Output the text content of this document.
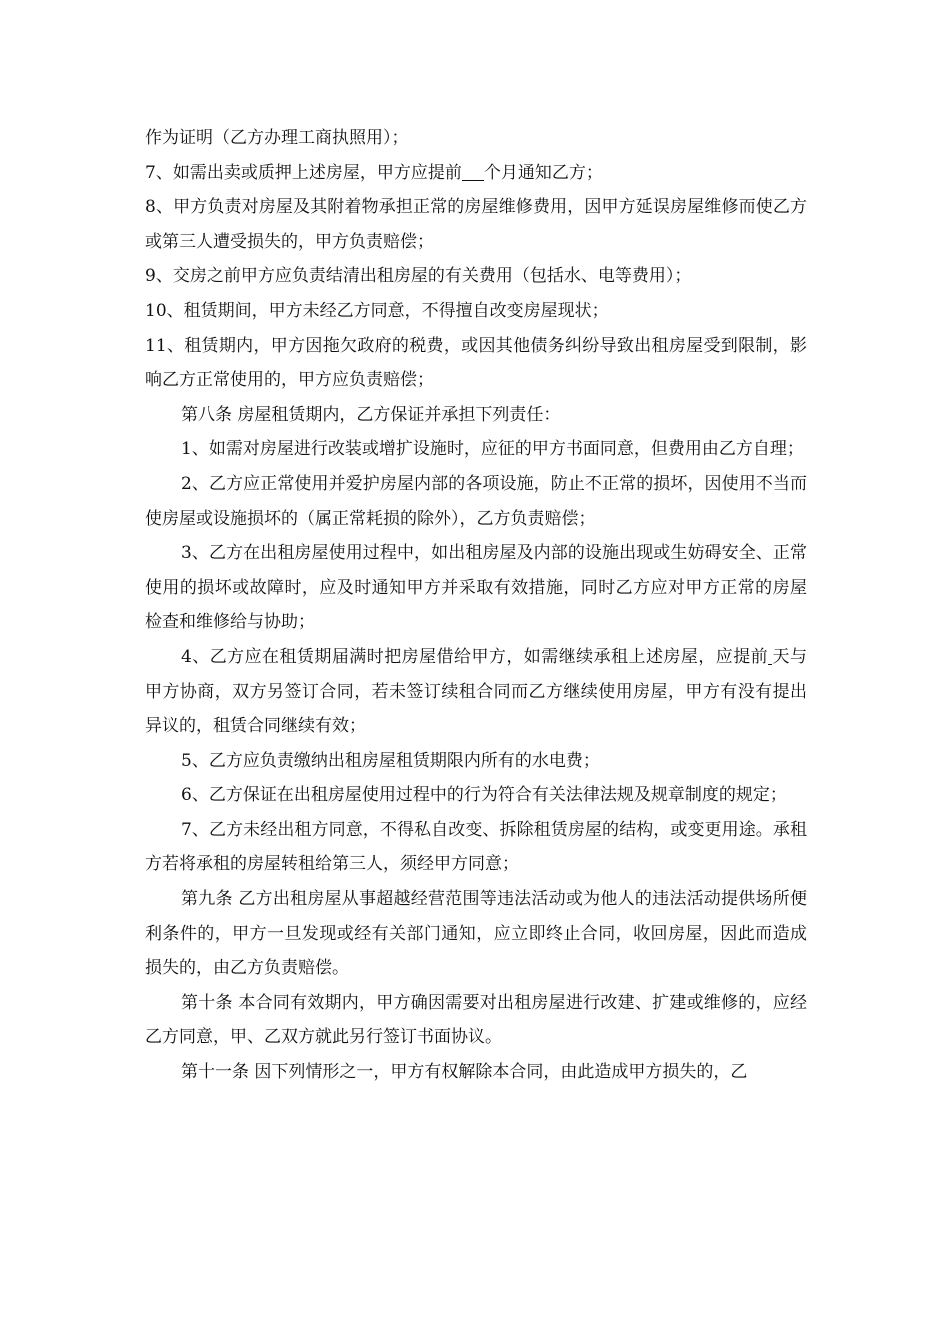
作为证明（乙方办理工商执照用）；

7、如需出卖或质押上述房屋，甲方应提前 个月通知乙方；

8、甲方负责对房屋及其附着物承担正常的房屋维修费用，因甲方延误房屋维修而使乙方或第三人遭受损失的，甲方负责赔偿；

9、交房之前甲方应负责结清出租房屋的有关费用（包括水、电等费用）；

10、租赁期间，甲方未经乙方同意，不得擅自改变房屋现状；

11、租赁期内，甲方因拖欠政府的税费，或因其他债务纠纷导致出租房屋受到限制，影响乙方正常使用的，甲方应负责赔偿；

第八条 房屋租赁期内，乙方保证并承担下列责任：

1、如需对房屋进行改装或增扩设施时，应征的甲方书面同意，但费用由乙方自理；

2、乙方应正常使用并爱护房屋内部的各项设施，防止不正常的损坏，因使用不当而使房屋或设施损坏的（属正常耗损的除外），乙方负责赔偿；

3、乙方在出租房屋使用过程中，如出租房屋及内部的设施出现或生妨碍安全、正常使用的损坏或故障时，应及时通知甲方并采取有效措施，同时乙方应对甲方正常的房屋检查和维修给与协助；

4、乙方应在租赁期届满时把房屋借给甲方，如需继续承租上述房屋，应提前 天与甲方协商，双方另签订合同，若未签订续租合同而乙方继续使用房屋，甲方有没有提出异议的，租赁合同继续有效；

5、乙方应负责缴纳出租房屋租赁期限内所有的水电费；

6、乙方保证在出租房屋使用过程中的行为符合有关法律法规及规章制度的规定；

7、乙方未经出租方同意，不得私自改变、拆除租赁房屋的结构，或变更用途。承租方若将承租的房屋转租给第三人，须经甲方同意；

第九条 乙方出租房屋从事超越经营范围等违法活动或为他人的违法活动提供场所便利条件的，甲方一旦发现或经有关部门通知，应立即终止合同，收回房屋，因此而造成损失的，由乙方负责赔偿。

第十条 本合同有效期内，甲方确因需要对出租房屋进行改建、扩建或维修的，应经乙方同意，甲、乙双方就此另行签订书面协议。

第十一条 因下列情形之一，甲方有权解除本合同，由此造成甲方损失的，乙
